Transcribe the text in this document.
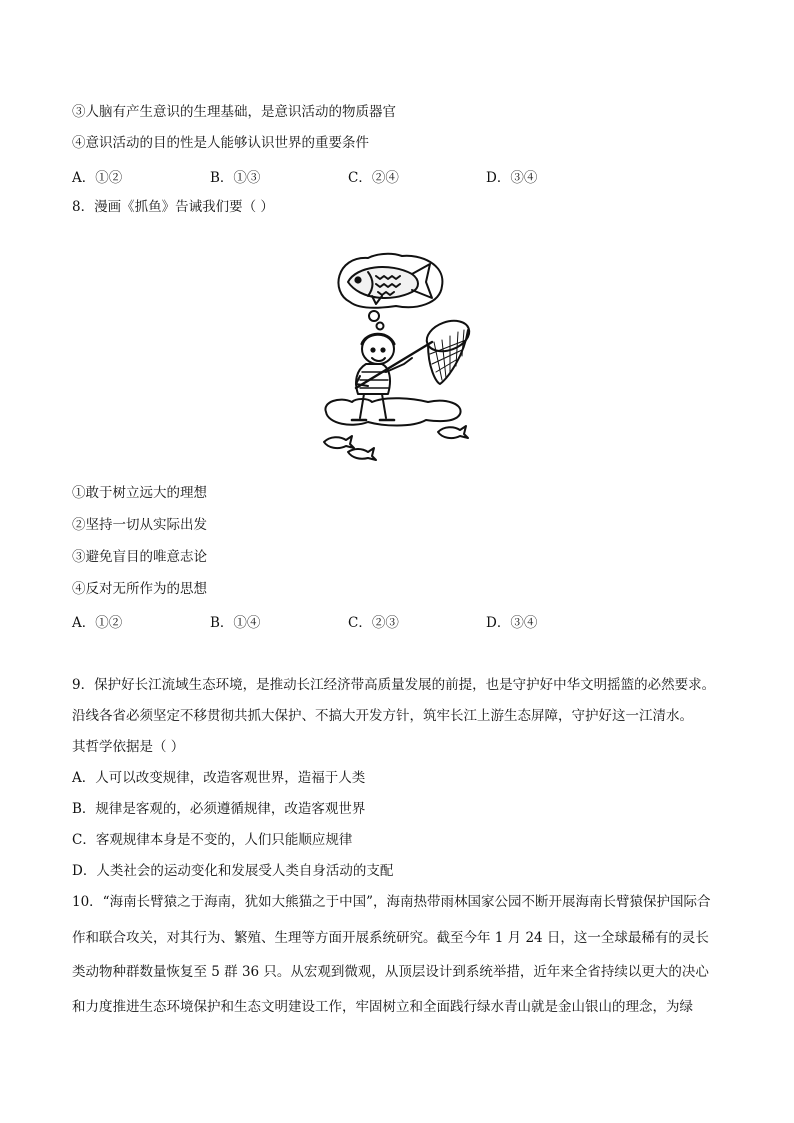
③人脑有产生意识的生理基础，是意识活动的物质器官
④意识活动的目的性是人能够认识世界的重要条件
A．①②	B．①③	C．②④	D．③④
8．漫画《抓鱼》告诫我们要（ ）
①敢于树立远大的理想
②坚持一切从实际出发
③避免盲目的唯意志论
④反对无所作为的思想
A．①②	B．①④	C．②③	D．③④
9．保护好长江流域生态环境，是推动长江经济带高质量发展的前提，也是守护好中华文明摇篮的必然要求。
沿线各省必须坚定不移贯彻共抓大保护、不搞大开发方针，筑牢长江上游生态屏障，守护好这一江清水。
其哲学依据是（ ）
A．人可以改变规律，改造客观世界，造福于人类
B．规律是客观的，必须遵循规律，改造客观世界
C．客观规律本身是不变的，人们只能顺应规律
D．人类社会的运动变化和发展受人类自身活动的支配
10．“海南长臂猿之于海南，犹如大熊猫之于中国”，海南热带雨林国家公园不断开展海南长臂猿保护国际合
作和联合攻关，对其行为、繁殖、生理等方面开展系统研究。截至今年 1 月 24 日，这一全球最稀有的灵长
类动物种群数量恢复至 5 群 36 只。从宏观到微观，从顶层设计到系统举措，近年来全省持续以更大的决心
和力度推进生态环境保护和生态文明建设工作，牢固树立和全面践行绿水青山就是金山银山的理念，为绿
